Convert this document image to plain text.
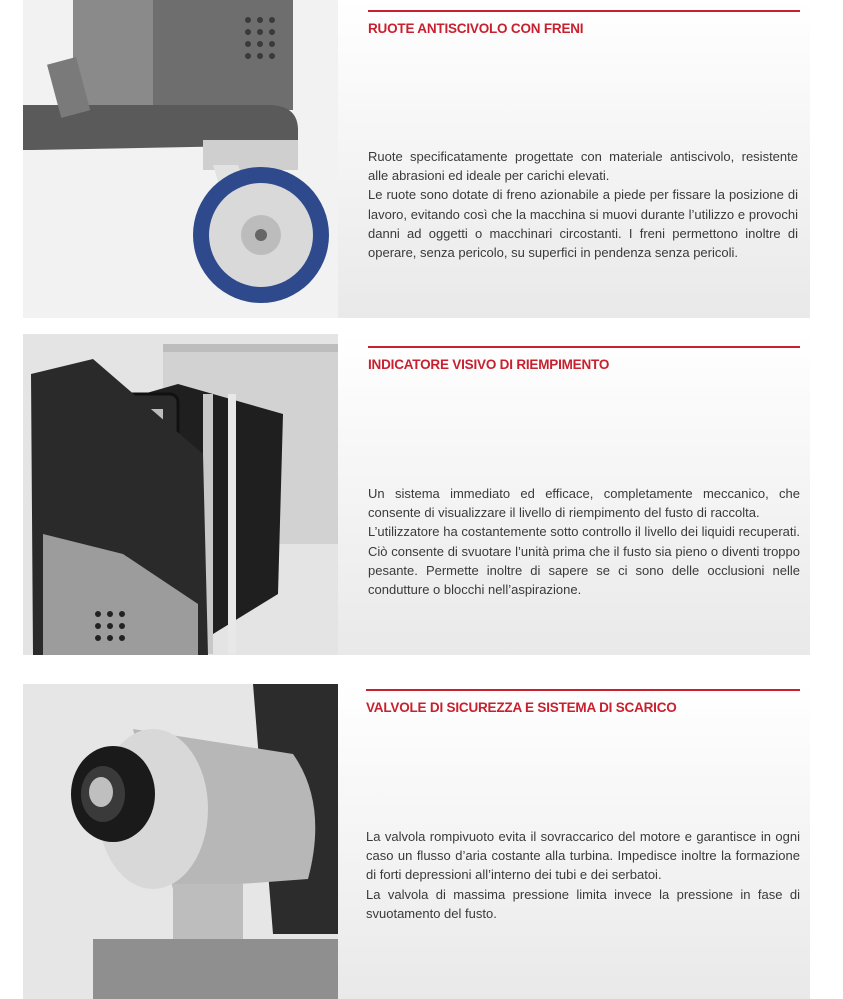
RUOTE ANTISCIVOLO CON FRENI

Ruote specificatamente progettate con materiale antiscivolo, resistente alle abrasioni ed ideale per carichi elevati.

Le ruote sono dotate di freno azionabile a piede per fissare la posizione di lavoro, evitando così che la macchina si muovi durante l’utilizzo e provochi danni ad oggetti o macchinari circostanti. I freni permettono inoltre di operare, senza pericolo, su superfici in pendenza senza pericoli.

INDICATORE VISIVO DI RIEMPIMENTO

Un sistema immediato ed efficace, completamente meccanico, che consente di visualizzare il livello di riempimento del fusto di raccolta.

L’utilizzatore ha costantemente sotto controllo il livello dei liquidi recuperati. Ciò consente di svuotare l’unità prima che il fusto sia pieno o diventi troppo pesante. Permette inoltre di sapere se ci sono delle occlusioni nelle condutture o blocchi nell’aspirazione.

VALVOLE DI SICUREZZA E SISTEMA DI SCARICO

La valvola rompivuoto evita il sovraccarico del motore e garantisce in ogni caso un flusso d’aria costante alla turbina. Impedisce inoltre la formazione di forti depressioni all’interno dei tubi e dei serbatoi.

La valvola di massima pressione limita invece la pressione in fase di svuotamento del fusto.
